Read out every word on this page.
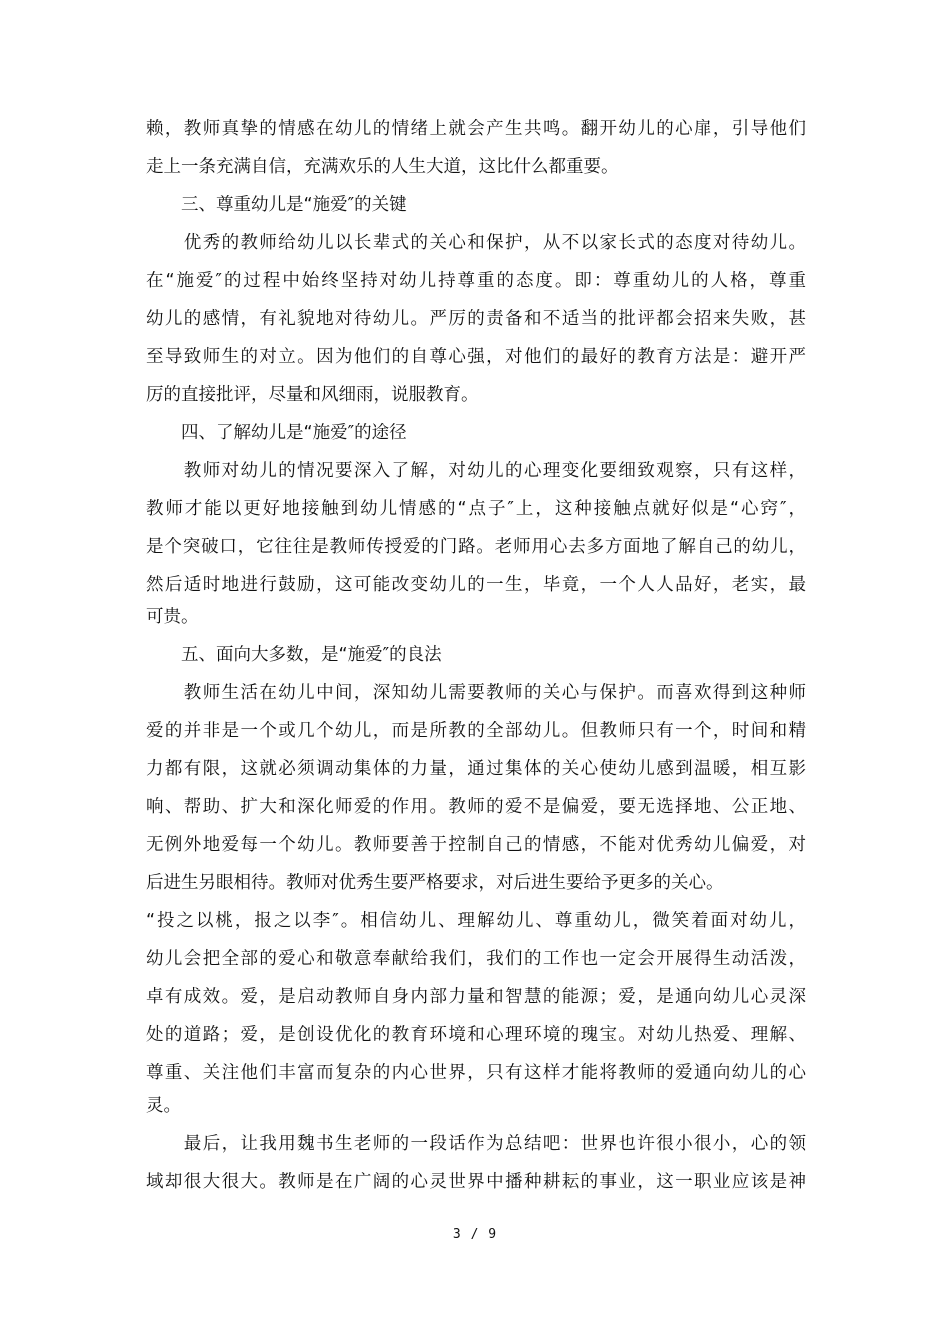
赖，教师真挚的情感在幼儿的情绪上就会产生共鸣。翻开幼儿的心扉，引导他们
走上一条充满自信，充满欢乐的人生大道，这比什么都重要。
　　三、尊重幼儿是“施爱″的关键
　　优秀的教师给幼儿以长辈式的关心和保护，从不以家长式的态度对待幼儿。
在“施爱″的过程中始终坚持对幼儿持尊重的态度。即：尊重幼儿的人格，尊重
幼儿的感情，有礼貌地对待幼儿。严厉的责备和不适当的批评都会招来失败，甚
至导致师生的对立。因为他们的自尊心强，对他们的最好的教育方法是：避开严
厉的直接批评，尽量和风细雨，说服教育。
　　四、了解幼儿是“施爱″的途径
　　教师对幼儿的情况要深入了解，对幼儿的心理变化要细致观察，只有这样，
教师才能以更好地接触到幼儿情感的“点子″上，这种接触点就好似是“心窍″，
是个突破口，它往往是教师传授爱的门路。老师用心去多方面地了解自己的幼儿，
然后适时地进行鼓励，这可能改变幼儿的一生，毕竟，一个人人品好，老实，最
可贵。
　　五、面向大多数，是“施爱″的良法
　　教师生活在幼儿中间，深知幼儿需要教师的关心与保护。而喜欢得到这种师
爱的并非是一个或几个幼儿，而是所教的全部幼儿。但教师只有一个，时间和精
力都有限，这就必须调动集体的力量，通过集体的关心使幼儿感到温暖，相互影
响、帮助、扩大和深化师爱的作用。教师的爱不是偏爱，要无选择地、公正地、
无例外地爱每一个幼儿。教师要善于控制自己的情感，不能对优秀幼儿偏爱，对
后进生另眼相待。教师对优秀生要严格要求，对后进生要给予更多的关心。
“投之以桃，报之以李″。相信幼儿、理解幼儿、尊重幼儿，微笑着面对幼儿，
幼儿会把全部的爱心和敬意奉献给我们，我们的工作也一定会开展得生动活泼，
卓有成效。爱，是启动教师自身内部力量和智慧的能源；爱，是通向幼儿心灵深
处的道路；爱，是创设优化的教育环境和心理环境的瑰宝。对幼儿热爱、理解、
尊重、关注他们丰富而复杂的内心世界，只有这样才能将教师的爱通向幼儿的心
灵。
　　最后，让我用魏书生老师的一段话作为总结吧：世界也许很小很小，心的领
域却很大很大。教师是在广阔的心灵世界中播种耕耘的事业，这一职业应该是神
3 / 9
